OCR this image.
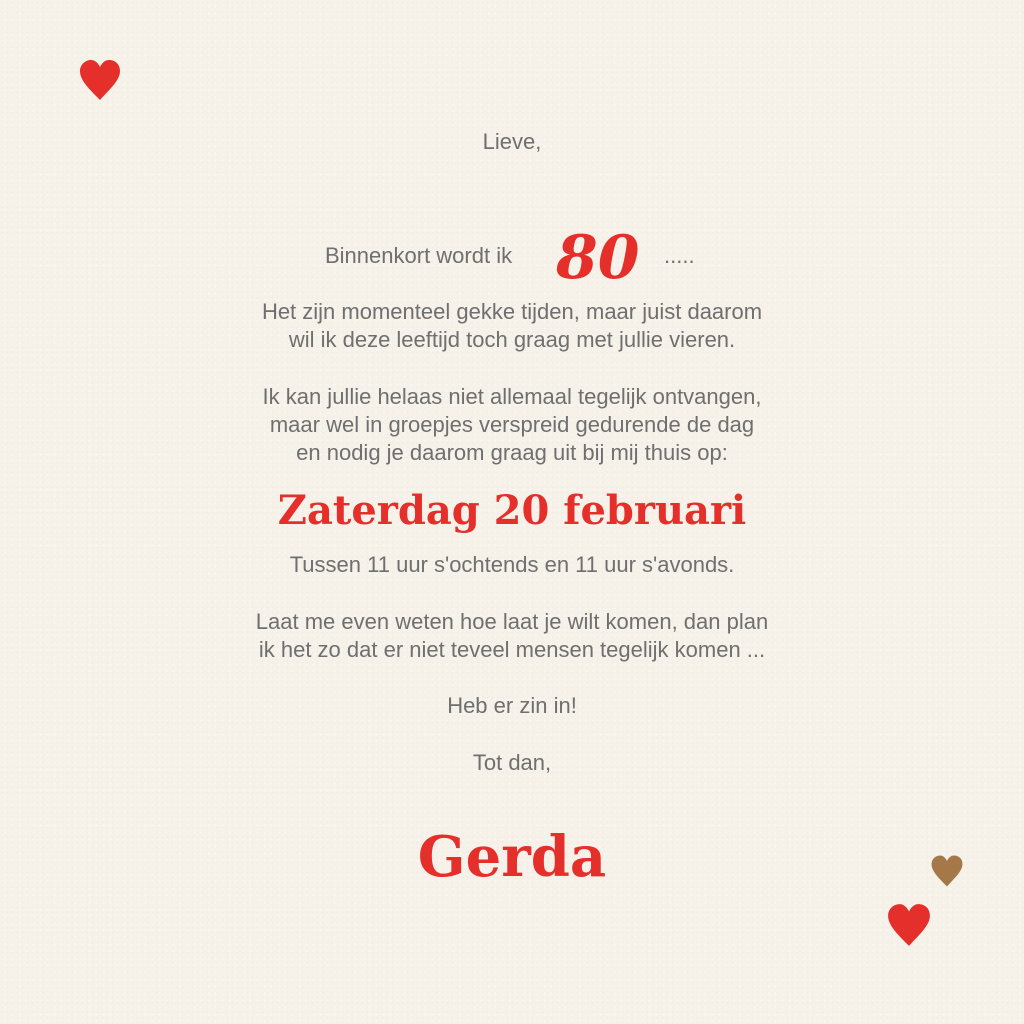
Lieve,
Binnenkort wordt ik 80 .....
Het zijn momenteel gekke tijden, maar juist daarom
wil ik deze leeftijd toch graag met jullie vieren.
Ik kan jullie helaas niet allemaal tegelijk ontvangen,
maar wel in groepjes verspreid gedurende de dag
en nodig je daarom graag uit bij mij thuis op:
Zaterdag 20 februari
Tussen 11 uur s'ochtends en 11 uur s'avonds.
Laat me even weten hoe laat je wilt komen, dan plan
ik het zo dat er niet teveel mensen tegelijk komen ...
Heb er zin in!
Tot dan,
Gerda
